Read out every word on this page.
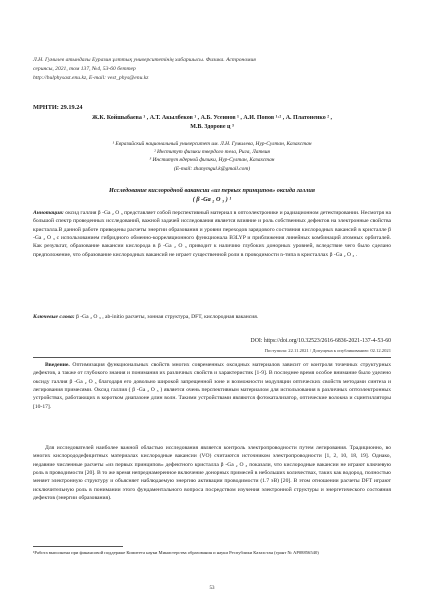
Л.Н. Гумилев атындағы Еуразия ұлттық университетінің хабаршысы. Физика. Астрономия
сериясы, 2021, том 137, №4, 53-60 беттер
http://bulphysast.enu.kz, E-mail: vest_phys@enu.kz
МРНТИ: 29.19.24
Ж.К. Койшыбаева ¹ , А.Т. Акылбеков ¹ , А.Б. Усеинов ¹ , А.И. Попов ¹·² , А. Платоненко ² ,
М.В. Здорове ц ³
¹ Евразийский национальный университет им. Л.Н. Гумилева, Нур-Султан, Казахстан
² Институт физики твердого тела, Рига, Латвия
³ Институт ядерной физики, Нур-Султан, Казахстан
(E-mail: zhanymgul.k@gmail.com)
Исследование кислородной вакансии «из первых принципов» оксида галлия
( β -Ga ₂ O ₃ ) ¹
Аннотация: оксид галлия β -Ga ₂ O ₃ представляет собой перспективный материал в оптоэлектронике и радиационном детектировании. Несмотря на большой спектр проведенных исследований, важной задачей исследования является влияние и роль собственных дефектов на электронные свойства кристалла.В данной работе приведены расчеты энергии образования и уровни переходов зарядового состояния кислородных вакансий в кристалле β -Ga ₂ O ₃ с использованием гибридного обменно-корреляционного функционала B3LYP и приближения линейных комбинаций атомных орбиталей. Как результат, образование вакансии кислорода в β -Ga ₂ O ₃ приводит к наличию глубоких донорных уровней, вследствие чего было сделано предположение, что образование кислородных вакансий не играет существенной роли в проводимости n-типа в кристаллах β -Ga ₂ O ₃ .
Ключевые слова: β -Ga ₂ O ₃ , ab-initio расчеты, зонная структура, DFT, кислородная вакансия.
DOI: https://doi.org/10.32523/2616-6836-2021-137-4-53-60
Поступила: 22.11.2021 / Допущена к опубликованию: 02.12.2021
Введение. Оптимизация функциональных свойств многих современных оксидных материалов зависит от контроля точечных структурных дефектов, а также от глубокого знания и понимания их различных свойств и характеристик [1-9]. В последнее время особое внимание было уделено оксиду галлия β -Ga ₂ O ₃ благодаря его довольно широкой запрещенной зоне и возможности модуляции оптических свойств методами синтеза и легирования примесями. Оксид галлия ( β -Ga ₂ O ₃ ) является очень перспективным материалом для использования в различных оптоэлектронных устройствах, работающих в коротком диапазоне длин волн. Такими устройствами являются фотокатализатор, оптические волокна и сцинтилляторы [10-17].
Для исследователей наиболее важной областью исследования является контроль электропроводности путем легирования. Традиционно, во многих кислорододефицитных материалах кислородные вакансии (VO) считаются источником электропроводности [1, 2, 10, 18, 19]. Однако, недавние численные расчеты «из первых принципов» дефектного кристалла β -Ga ₂ O ₃ показали, что кислородные вакансии не играют ключевую роль в проводимости [20]. В то же время непреднамеренное включение донорных примесей в небольших количествах, таких как водород, полностью меняет электронную структуру и объясняет наблюдаемую энергию активации проводимости (1.7 эВ) [20]. В этом отношении расчеты DFT играют исключительную роль в понимании этого фундаментального вопроса посредством изучения электронной структуры и энергетического состояния дефектов (энергии образования).
¹Работа выполнена при финансовой поддержке Комитета науки Министерства образования и науки Республики Казахстан (грант № AP08856540)
53
